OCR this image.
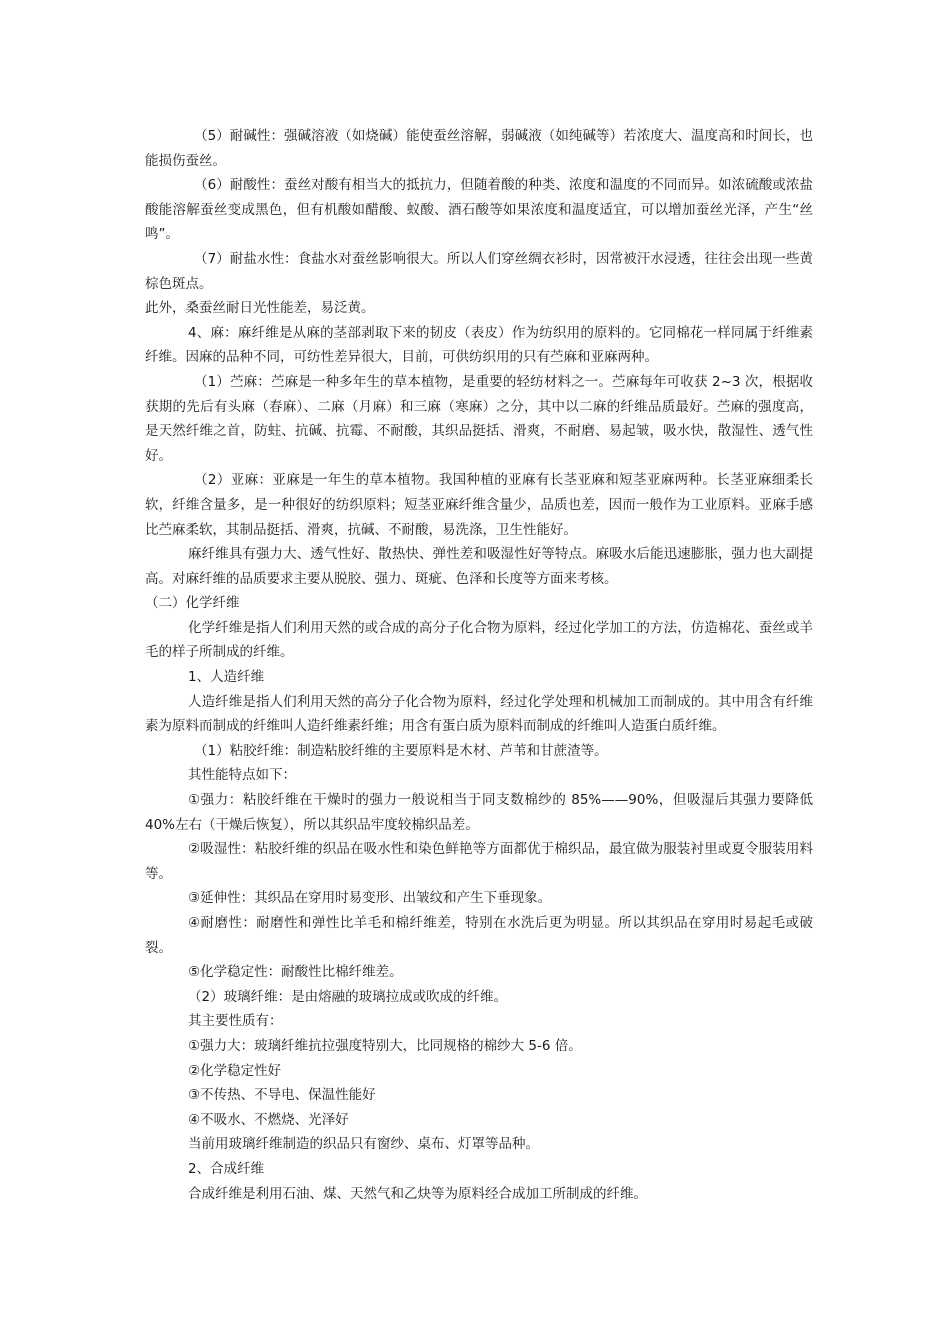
（5）耐碱性：强碱溶液（如烧碱）能使蚕丝溶解，弱碱液（如纯碱等）若浓度大、温度高和时间长，也能损伤蚕丝。

（6）耐酸性：蚕丝对酸有相当大的抵抗力，但随着酸的种类、浓度和温度的不同而异。如浓硫酸或浓盐酸能溶解蚕丝变成黑色，但有机酸如醋酸、蚁酸、酒石酸等如果浓度和温度适宜，可以增加蚕丝光泽，产生“丝鸣”。

（7）耐盐水性：食盐水对蚕丝影响很大。所以人们穿丝绸衣衫时，因常被汗水浸透，往往会出现一些黄棕色斑点。

此外，桑蚕丝耐日光性能差，易泛黄。

4、麻：麻纤维是从麻的茎部剥取下来的韧皮（表皮）作为纺织用的原料的。它同棉花一样同属于纤维素纤维。因麻的品种不同，可纺性差异很大，目前，可供纺织用的只有苎麻和亚麻两种。

（1）苎麻：苎麻是一种多年生的草本植物，是重要的轻纺材料之一。苎麻每年可收获 2~3 次，根据收获期的先后有头麻（春麻）、二麻（月麻）和三麻（寒麻）之分，其中以二麻的纤维品质最好。苎麻的强度高，是天然纤维之首，防蛀、抗碱、抗霉、不耐酸，其织品挺括、滑爽，不耐磨、易起皱，吸水快，散湿性、透气性好。

（2）亚麻：亚麻是一年生的草本植物。我国种植的亚麻有长茎亚麻和短茎亚麻两种。长茎亚麻细柔长软，纤维含量多，是一种很好的纺织原料；短茎亚麻纤维含量少，品质也差，因而一般作为工业原料。亚麻手感比苎麻柔软，其制品挺括、滑爽，抗碱、不耐酸，易洗涤，卫生性能好。

麻纤维具有强力大、透气性好、散热快、弹性差和吸湿性好等特点。麻吸水后能迅速膨胀，强力也大副提高。对麻纤维的品质要求主要从脱胶、强力、斑疵、色泽和长度等方面来考核。

（二）化学纤维

化学纤维是指人们利用天然的或合成的高分子化合物为原料，经过化学加工的方法，仿造棉花、蚕丝或羊毛的样子所制成的纤维。

1、人造纤维

人造纤维是指人们利用天然的高分子化合物为原料，经过化学处理和机械加工而制成的。其中用含有纤维素为原料而制成的纤维叫人造纤维素纤维；用含有蛋白质为原料而制成的纤维叫人造蛋白质纤维。

（1）粘胶纤维：制造粘胶纤维的主要原料是木材、芦苇和甘蔗渣等。

其性能特点如下：

①强力：粘胶纤维在干燥时的强力一般说相当于同支数棉纱的 85%——90%，但吸湿后其强力要降低 40%左右（干燥后恢复），所以其织品牢度较棉织品差。

②吸湿性：粘胶纤维的织品在吸水性和染色鲜艳等方面都优于棉织品，最宜做为服装衬里或夏令服装用料等。

③延伸性：其织品在穿用时易变形、出皱纹和产生下垂现象。

④耐磨性：耐磨性和弹性比羊毛和棉纤维差，特别在水洗后更为明显。所以其织品在穿用时易起毛或破裂。

⑤化学稳定性：耐酸性比棉纤维差。

（2）玻璃纤维：是由熔融的玻璃拉成或吹成的纤维。

其主要性质有：

①强力大：玻璃纤维抗拉强度特别大，比同规格的棉纱大 5-6 倍。

②化学稳定性好

③不传热、不导电、保温性能好

④不吸水、不燃烧、光泽好

当前用玻璃纤维制造的织品只有窗纱、桌布、灯罩等品种。

2、合成纤维

合成纤维是利用石油、煤、天然气和乙炔等为原料经合成加工所制成的纤维。
